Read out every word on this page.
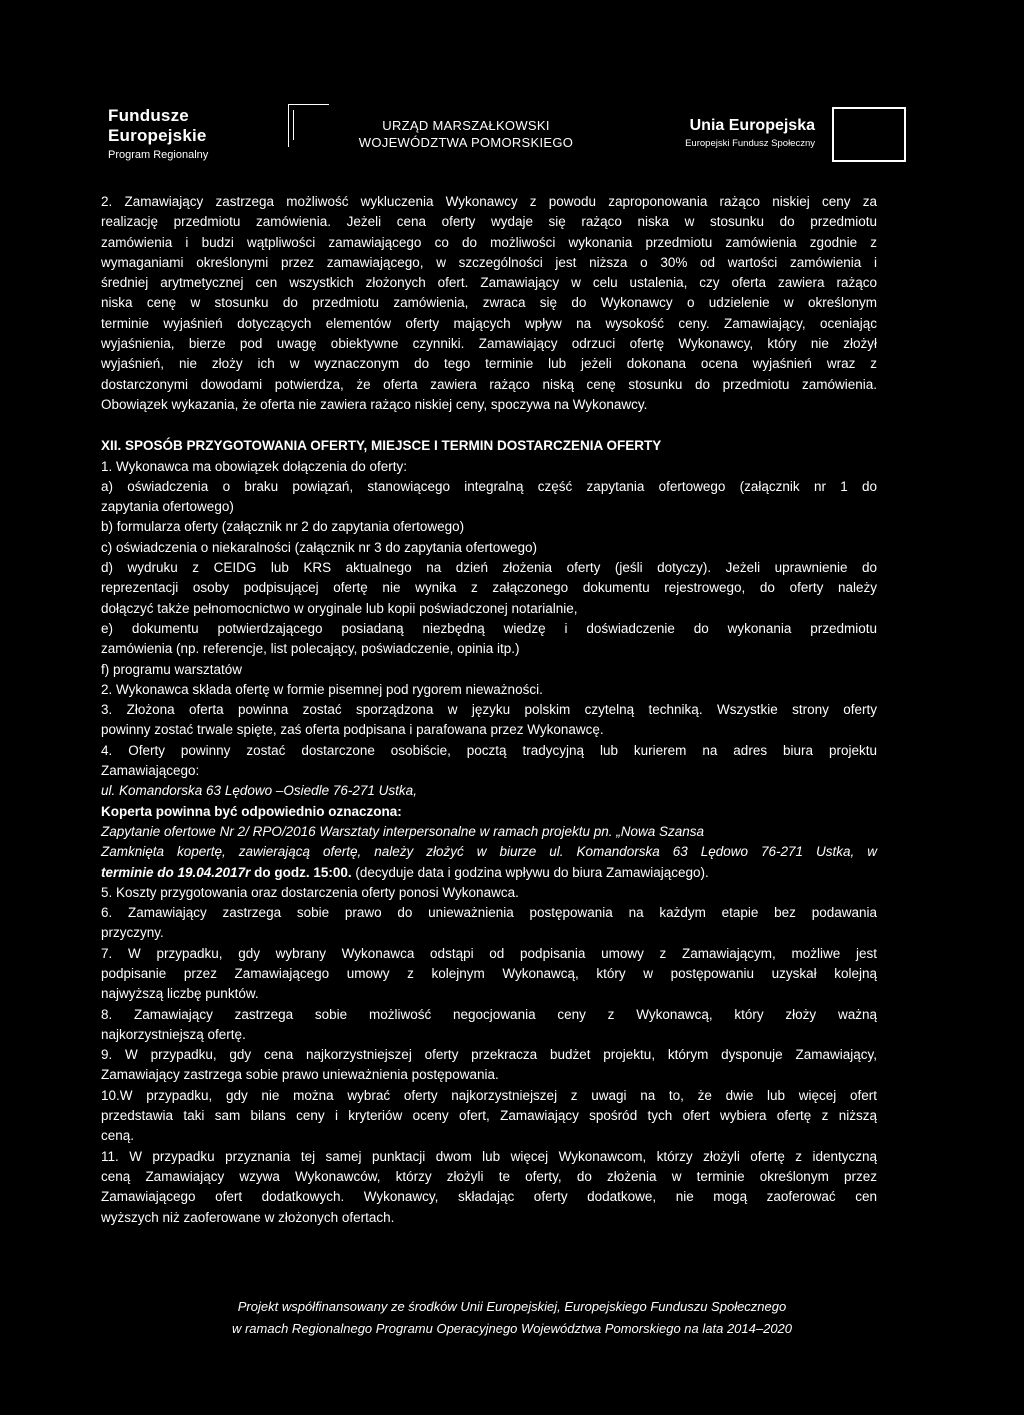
Fundusze
Europejskie
Program Regionalny
URZĄD MARSZAŁKOWSKI
WOJEWÓDZTWA POMORSKIEGO
Unia Europejska
Europejski Fundusz Społeczny
2. Zamawiający zastrzega możliwość wykluczenia Wykonawcy z powodu zaproponowania rażąco niskiej ceny za
realizację przedmiotu zamówienia. Jeżeli cena oferty wydaje się rażąco niska w stosunku do przedmiotu
zamówienia i budzi wątpliwości zamawiającego co do możliwości wykonania przedmiotu zamówienia zgodnie z
wymaganiami określonymi przez zamawiającego, w szczególności jest niższa o 30% od wartości zamówienia i
średniej arytmetycznej cen wszystkich złożonych ofert. Zamawiający w celu ustalenia, czy oferta zawiera rażąco
niska cenę w stosunku do przedmiotu zamówienia, zwraca się do Wykonawcy o udzielenie w określonym
terminie wyjaśnień dotyczących elementów oferty mających wpływ na wysokość ceny. Zamawiający, oceniając
wyjaśnienia, bierze pod uwagę obiektywne czynniki. Zamawiający odrzuci ofertę Wykonawcy, który nie złożył
wyjaśnień, nie złoży ich w wyznaczonym do tego terminie lub jeżeli dokonana ocena wyjaśnień wraz z
dostarczonymi dowodami potwierdza, że oferta zawiera rażąco niską cenę stosunku do przedmiotu zamówienia.
Obowiązek wykazania, że oferta nie zawiera rażąco niskiej ceny, spoczywa na Wykonawcy.
XII. SPOSÓB PRZYGOTOWANIA OFERTY, MIEJSCE I TERMIN DOSTARCZENIA OFERTY
1. Wykonawca ma obowiązek dołączenia do oferty:
a) oświadczenia o braku powiązań, stanowiącego integralną część zapytania ofertowego (załącznik nr 1 do
zapytania ofertowego)
b) formularza oferty (załącznik nr 2 do zapytania ofertowego)
c) oświadczenia o niekaralności (załącznik nr 3 do zapytania ofertowego)
d) wydruku z CEIDG lub KRS aktualnego na dzień złożenia oferty (jeśli dotyczy). Jeżeli uprawnienie do
reprezentacji osoby podpisującej ofertę nie wynika z załączonego dokumentu rejestrowego, do oferty należy
dołączyć także pełnomocnictwo w oryginale lub kopii poświadczonej notarialnie,
e) dokumentu potwierdzającego posiadaną niezbędną wiedzę i doświadczenie do wykonania przedmiotu
zamówienia (np. referencje, list polecający, poświadczenie, opinia itp.)
f) programu warsztatów
2. Wykonawca składa ofertę w formie pisemnej pod rygorem nieważności.
3. Złożona oferta powinna zostać sporządzona w języku polskim czytelną techniką. Wszystkie strony oferty
powinny zostać trwale spięte, zaś oferta podpisana i parafowana przez Wykonawcę.
4. Oferty powinny zostać dostarczone osobiście, pocztą tradycyjną lub kurierem na adres biura projektu
Zamawiającego:
ul. Komandorska 63 Lędowo –Osiedle 76-271 Ustka,
Koperta powinna być odpowiednio oznaczona:
Zapytanie ofertowe Nr 2/ RPO/2016 Warsztaty interpersonalne w ramach projektu pn. „Nowa Szansa
Zamknięta kopertę, zawierającą ofertę, należy złożyć w biurze ul. Komandorska 63 Lędowo 76-271 Ustka, w
terminie do 19.04.2017r do godz. 15:00. (decyduje data i godzina wpływu do biura Zamawiającego).
5. Koszty przygotowania oraz dostarczenia oferty ponosi Wykonawca.
6. Zamawiający zastrzega sobie prawo do unieważnienia postępowania na każdym etapie bez podawania
przyczyny.
7. W przypadku, gdy wybrany Wykonawca odstąpi od podpisania umowy z Zamawiającym, możliwe jest
podpisanie przez Zamawiającego umowy z kolejnym Wykonawcą, który w postępowaniu uzyskał kolejną
najwyższą liczbę punktów.
8. Zamawiający zastrzega sobie możliwość negocjowania ceny z Wykonawcą, który złoży ważną
najkorzystniejszą ofertę.
9. W przypadku, gdy cena najkorzystniejszej oferty przekracza budżet projektu, którym dysponuje Zamawiający,
Zamawiający zastrzega sobie prawo unieważnienia postępowania.
10.W przypadku, gdy nie można wybrać oferty najkorzystniejszej z uwagi na to, że dwie lub więcej ofert
przedstawia taki sam bilans ceny i kryteriów oceny ofert, Zamawiający spośród tych ofert wybiera ofertę z niższą
ceną.
11. W przypadku przyznania tej samej punktacji dwom lub więcej Wykonawcom, którzy złożyli ofertę z identyczną
ceną Zamawiający wzywa Wykonawców, którzy złożyli te oferty, do złożenia w terminie określonym przez
Zamawiającego ofert dodatkowych. Wykonawcy, składając oferty dodatkowe, nie mogą zaoferować cen
wyższych niż zaoferowane w złożonych ofertach.
Projekt współfinansowany ze środków Unii Europejskiej, Europejskiego Funduszu Społecznego
w ramach Regionalnego Programu Operacyjnego Województwa Pomorskiego na lata 2014–2020
